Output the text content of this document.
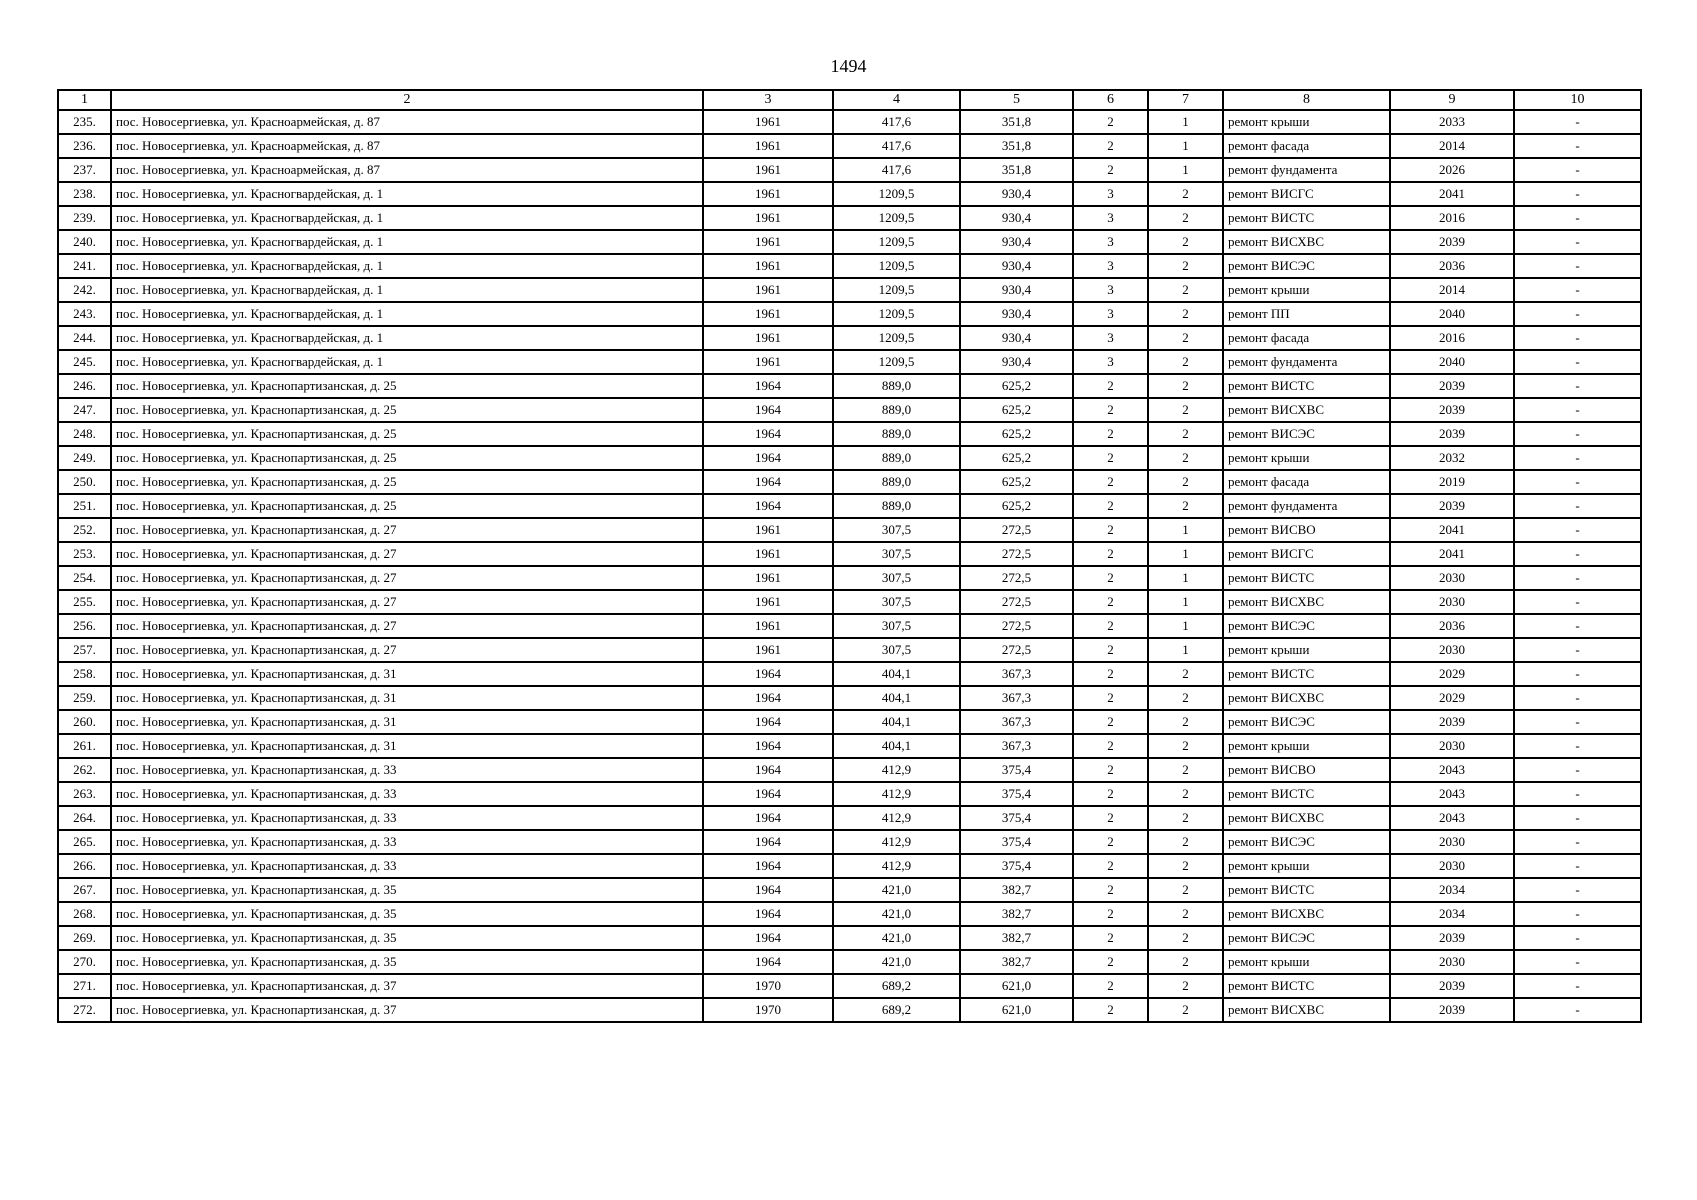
1494
1	2	3	4	5	6	7	8	9	10
235.	пос. Новосергиевка, ул. Красноармейская, д. 87	1961	417,6	351,8	2	1	ремонт крыши	2033	-
236.	пос. Новосергиевка, ул. Красноармейская, д. 87	1961	417,6	351,8	2	1	ремонт фасада	2014	-
237.	пос. Новосергиевка, ул. Красноармейская, д. 87	1961	417,6	351,8	2	1	ремонт фундамента	2026	-
238.	пос. Новосергиевка, ул. Красногвардейская, д. 1	1961	1209,5	930,4	3	2	ремонт ВИСГС	2041	-
239.	пос. Новосергиевка, ул. Красногвардейская, д. 1	1961	1209,5	930,4	3	2	ремонт ВИСТС	2016	-
240.	пос. Новосергиевка, ул. Красногвардейская, д. 1	1961	1209,5	930,4	3	2	ремонт ВИСХВС	2039	-
241.	пос. Новосергиевка, ул. Красногвардейская, д. 1	1961	1209,5	930,4	3	2	ремонт ВИСЭС	2036	-
242.	пос. Новосергиевка, ул. Красногвардейская, д. 1	1961	1209,5	930,4	3	2	ремонт крыши	2014	-
243.	пос. Новосергиевка, ул. Красногвардейская, д. 1	1961	1209,5	930,4	3	2	ремонт ПП	2040	-
244.	пос. Новосергиевка, ул. Красногвардейская, д. 1	1961	1209,5	930,4	3	2	ремонт фасада	2016	-
245.	пос. Новосергиевка, ул. Красногвардейская, д. 1	1961	1209,5	930,4	3	2	ремонт фундамента	2040	-
246.	пос. Новосергиевка, ул. Краснопартизанская, д. 25	1964	889,0	625,2	2	2	ремонт ВИСТС	2039	-
247.	пос. Новосергиевка, ул. Краснопартизанская, д. 25	1964	889,0	625,2	2	2	ремонт ВИСХВС	2039	-
248.	пос. Новосергиевка, ул. Краснопартизанская, д. 25	1964	889,0	625,2	2	2	ремонт ВИСЭС	2039	-
249.	пос. Новосергиевка, ул. Краснопартизанская, д. 25	1964	889,0	625,2	2	2	ремонт крыши	2032	-
250.	пос. Новосергиевка, ул. Краснопартизанская, д. 25	1964	889,0	625,2	2	2	ремонт фасада	2019	-
251.	пос. Новосергиевка, ул. Краснопартизанская, д. 25	1964	889,0	625,2	2	2	ремонт фундамента	2039	-
252.	пос. Новосергиевка, ул. Краснопартизанская, д. 27	1961	307,5	272,5	2	1	ремонт ВИСВО	2041	-
253.	пос. Новосергиевка, ул. Краснопартизанская, д. 27	1961	307,5	272,5	2	1	ремонт ВИСГС	2041	-
254.	пос. Новосергиевка, ул. Краснопартизанская, д. 27	1961	307,5	272,5	2	1	ремонт ВИСТС	2030	-
255.	пос. Новосергиевка, ул. Краснопартизанская, д. 27	1961	307,5	272,5	2	1	ремонт ВИСХВС	2030	-
256.	пос. Новосергиевка, ул. Краснопартизанская, д. 27	1961	307,5	272,5	2	1	ремонт ВИСЭС	2036	-
257.	пос. Новосергиевка, ул. Краснопартизанская, д. 27	1961	307,5	272,5	2	1	ремонт крыши	2030	-
258.	пос. Новосергиевка, ул. Краснопартизанская, д. 31	1964	404,1	367,3	2	2	ремонт ВИСТС	2029	-
259.	пос. Новосергиевка, ул. Краснопартизанская, д. 31	1964	404,1	367,3	2	2	ремонт ВИСХВС	2029	-
260.	пос. Новосергиевка, ул. Краснопартизанская, д. 31	1964	404,1	367,3	2	2	ремонт ВИСЭС	2039	-
261.	пос. Новосергиевка, ул. Краснопартизанская, д. 31	1964	404,1	367,3	2	2	ремонт крыши	2030	-
262.	пос. Новосергиевка, ул. Краснопартизанская, д. 33	1964	412,9	375,4	2	2	ремонт ВИСВО	2043	-
263.	пос. Новосергиевка, ул. Краснопартизанская, д. 33	1964	412,9	375,4	2	2	ремонт ВИСТС	2043	-
264.	пос. Новосергиевка, ул. Краснопартизанская, д. 33	1964	412,9	375,4	2	2	ремонт ВИСХВС	2043	-
265.	пос. Новосергиевка, ул. Краснопартизанская, д. 33	1964	412,9	375,4	2	2	ремонт ВИСЭС	2030	-
266.	пос. Новосергиевка, ул. Краснопартизанская, д. 33	1964	412,9	375,4	2	2	ремонт крыши	2030	-
267.	пос. Новосергиевка, ул. Краснопартизанская, д. 35	1964	421,0	382,7	2	2	ремонт ВИСТС	2034	-
268.	пос. Новосергиевка, ул. Краснопартизанская, д. 35	1964	421,0	382,7	2	2	ремонт ВИСХВС	2034	-
269.	пос. Новосергиевка, ул. Краснопартизанская, д. 35	1964	421,0	382,7	2	2	ремонт ВИСЭС	2039	-
270.	пос. Новосергиевка, ул. Краснопартизанская, д. 35	1964	421,0	382,7	2	2	ремонт крыши	2030	-
271.	пос. Новосергиевка, ул. Краснопартизанская, д. 37	1970	689,2	621,0	2	2	ремонт ВИСТС	2039	-
272.	пос. Новосергиевка, ул. Краснопартизанская, д. 37	1970	689,2	621,0	2	2	ремонт ВИСХВС	2039	-
